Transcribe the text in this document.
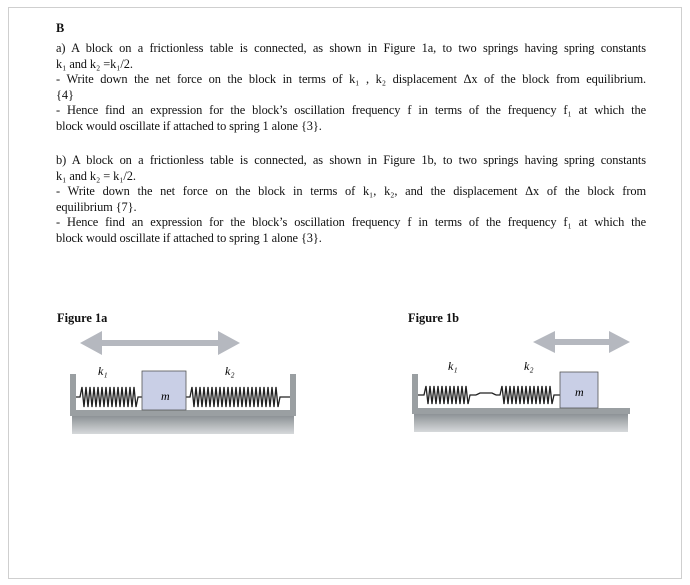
B

a) A block on a frictionless table is connected, as shown in Figure 1a, to two springs having spring constants

k₁ and k₂ =k₁/2.

- Write down the net force on the block in terms of k₁ , k₂ displacement Δx of the block from equilibrium.

{4}

- Hence find an expression for the block’s oscillation frequency f in terms of the frequency f₁ at which the

block would oscillate if attached to spring 1 alone {3}.

b) A block on a frictionless table is connected, as shown in Figure 1b, to two springs having spring constants

k₁ and k₂ = k₁/2.

- Write down the net force on the block in terms of k₁, k₂, and the displacement Δx of the block from

equilibrium {7}.

- Hence find an expression for the block’s oscillation frequency f in terms of the frequency f₁ at which the

block would oscillate if attached to spring 1 alone {3}.

Figure 1a	Figure 1b
m
k₁	k₂
m
k₁	k₂
